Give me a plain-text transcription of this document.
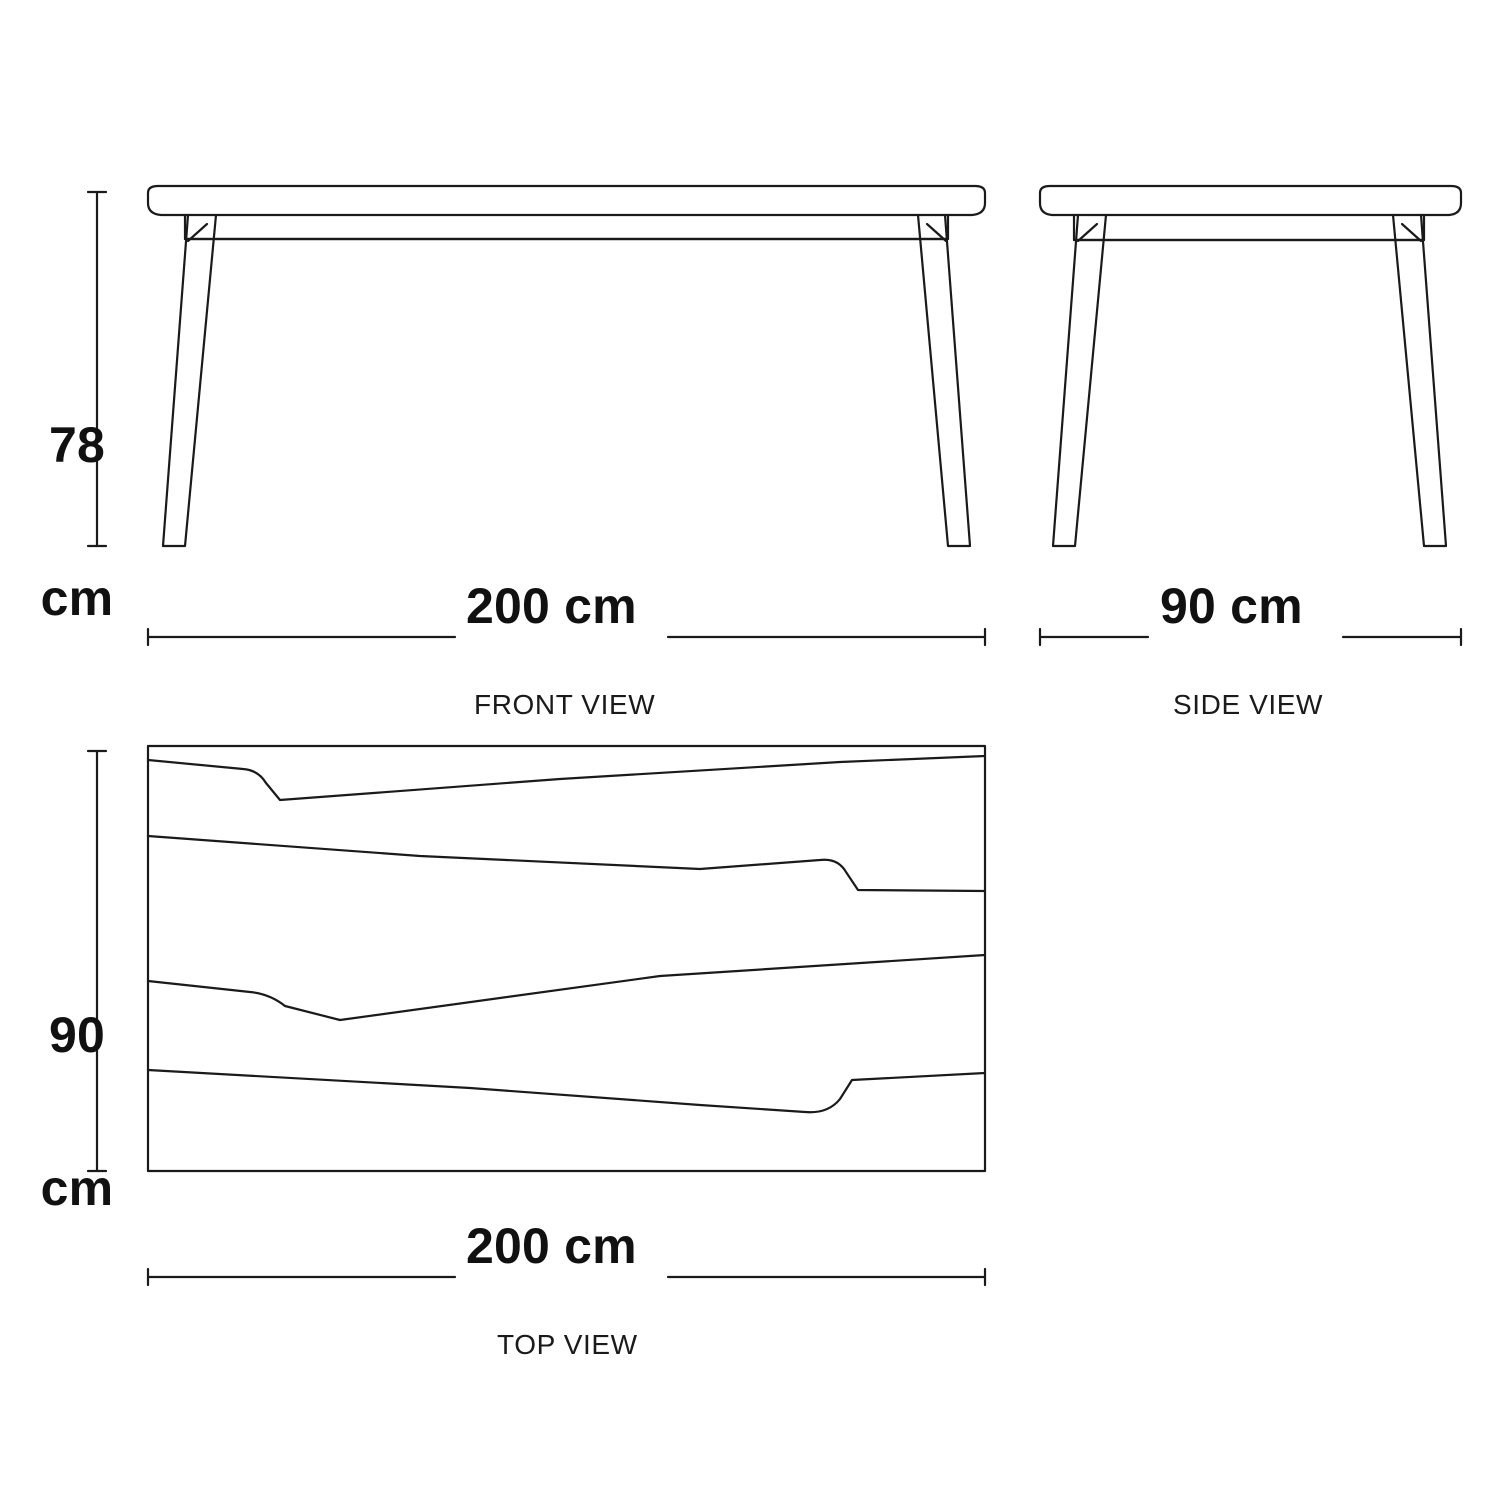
78

cm

	200 cm
FRONT VIEW
90 cm
SIDE VIEW

90

cm

200 cm
TOP VIEW
